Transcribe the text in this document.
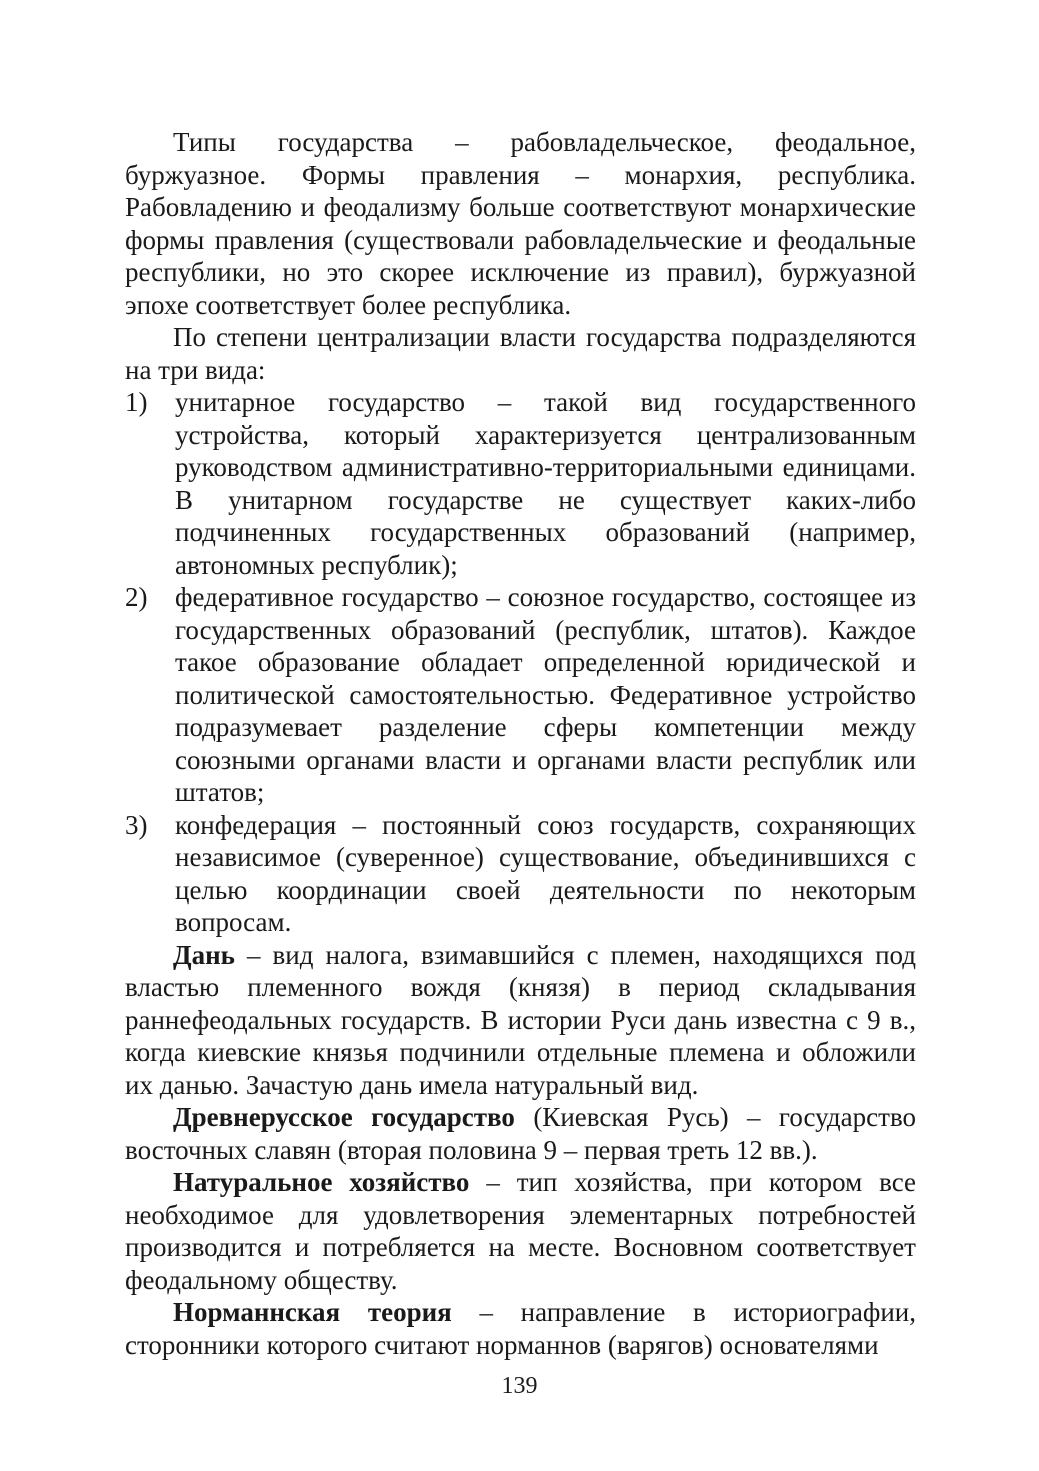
Типы государства – рабовладельческое, феодальное, буржуазное. Формы правления – монархия, республика. Рабовладению и феодализму больше соответствуют монархические формы правления (существовали рабовладельческие и феодальные республики, но это скорее исключение из правил), буржуазной эпохе соответствует более республика.

По степени централизации власти государства подразделяются на три вида:

1) унитарное государство – такой вид государственного устройства, который характеризуется централизованным руководством административно-территориальными единицами. В унитарном государстве не существует каких-либо подчиненных государственных образований (например, автономных республик);
2) федеративное государство – союзное государство, состоящее из государственных образований (республик, штатов). Каждое такое образование обладает определенной юридической и политической самостоятельностью. Федеративное устройство подразумевает разделение сферы компетенции между союзными органами власти и органами власти республик или штатов;
3) конфедерация – постоянный союз государств, сохраняющих независимое (суверенное) существование, объединившихся с целью координации своей деятельности по некоторым вопросам.

Дань – вид налога, взимавшийся с племен, находящихся под властью племенного вождя (князя) в период складывания раннефеодальных государств. В истории Руси дань известна с 9 в., когда киевские князья подчинили отдельные племена и обложили их данью. Зачастую дань имела натуральный вид.

Древнерусское государство (Киевская Русь) – государство восточных славян (вторая половина 9 – первая треть 12 вв.).

Натуральное хозяйство – тип хозяйства, при котором все необходимое для удовлетворения элементарных потребностей производится и потребляется на месте. Восновном соответствует феодальному обществу.

Норманнская теория – направление в историографии, сторонники которого считают норманнов (варягов) основателями

139
